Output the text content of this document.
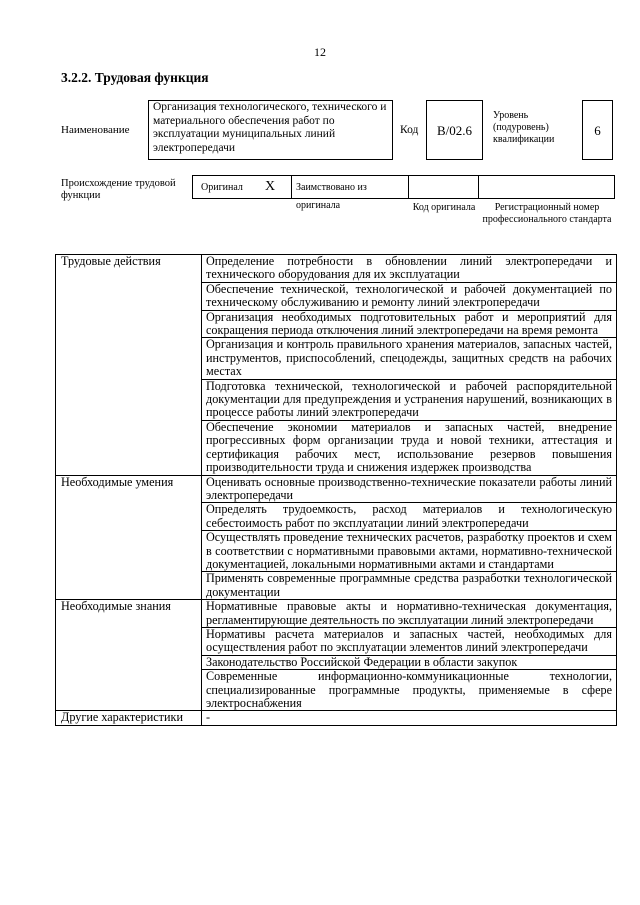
12
3.2.2. Трудовая функция
Наименование
Организация технологического, технического и материального обеспечения работ по эксплуатации муниципальных линий электропередачи
Код	B/02.6
Уровень (подуровень) квалификации
6
Происхождение трудовой функции
Оригинал Х	Заимствовано из оригинала	Код оригинала	Регистрационный номер профессионального стандарта
Трудовые действия	Определение потребности в обновлении линий электропередачи и технического оборудования для их эксплуатации
	Обеспечение технической, технологической и рабочей документацией по техническому обслуживанию и ремонту линий электропередачи
	Организация необходимых подготовительных работ и мероприятий для сокращения периода отключения линий электропередачи на время ремонта
	Организация и контроль правильного хранения материалов, запасных частей, инструментов, приспособлений, спецодежды, защитных средств на рабочих местах
	Подготовка технической, технологической и рабочей распорядительной документации для предупреждения и устранения нарушений, возникающих в процессе работы линий электропередачи
	Обеспечение экономии материалов и запасных частей, внедрение прогрессивных форм организации труда и новой техники, аттестация и сертификация рабочих мест, использование резервов повышения производительности труда и снижения издержек производства
Необходимые умения	Оценивать основные производственно-технические показатели работы линий электропередачи
	Определять трудоемкость, расход материалов и технологическую себестоимость работ по эксплуатации линий электропередачи
	Осуществлять проведение технических расчетов, разработку проектов и схем в соответствии с нормативными правовыми актами, нормативно-технической документацией, локальными нормативными актами и стандартами
	Применять современные программные средства разработки технологической документации
Необходимые знания	Нормативные правовые акты и нормативно-техническая документация, регламентирующие деятельность по эксплуатации линий электропередачи
	Нормативы расчета материалов и запасных частей, необходимых для осуществления работ по эксплуатации элементов линий электропередачи
	Законодательство Российской Федерации в области закупок
	Современные информационно-коммуникационные технологии, специализированные программные продукты, применяемые в сфере электроснабжения
Другие характеристики	-
